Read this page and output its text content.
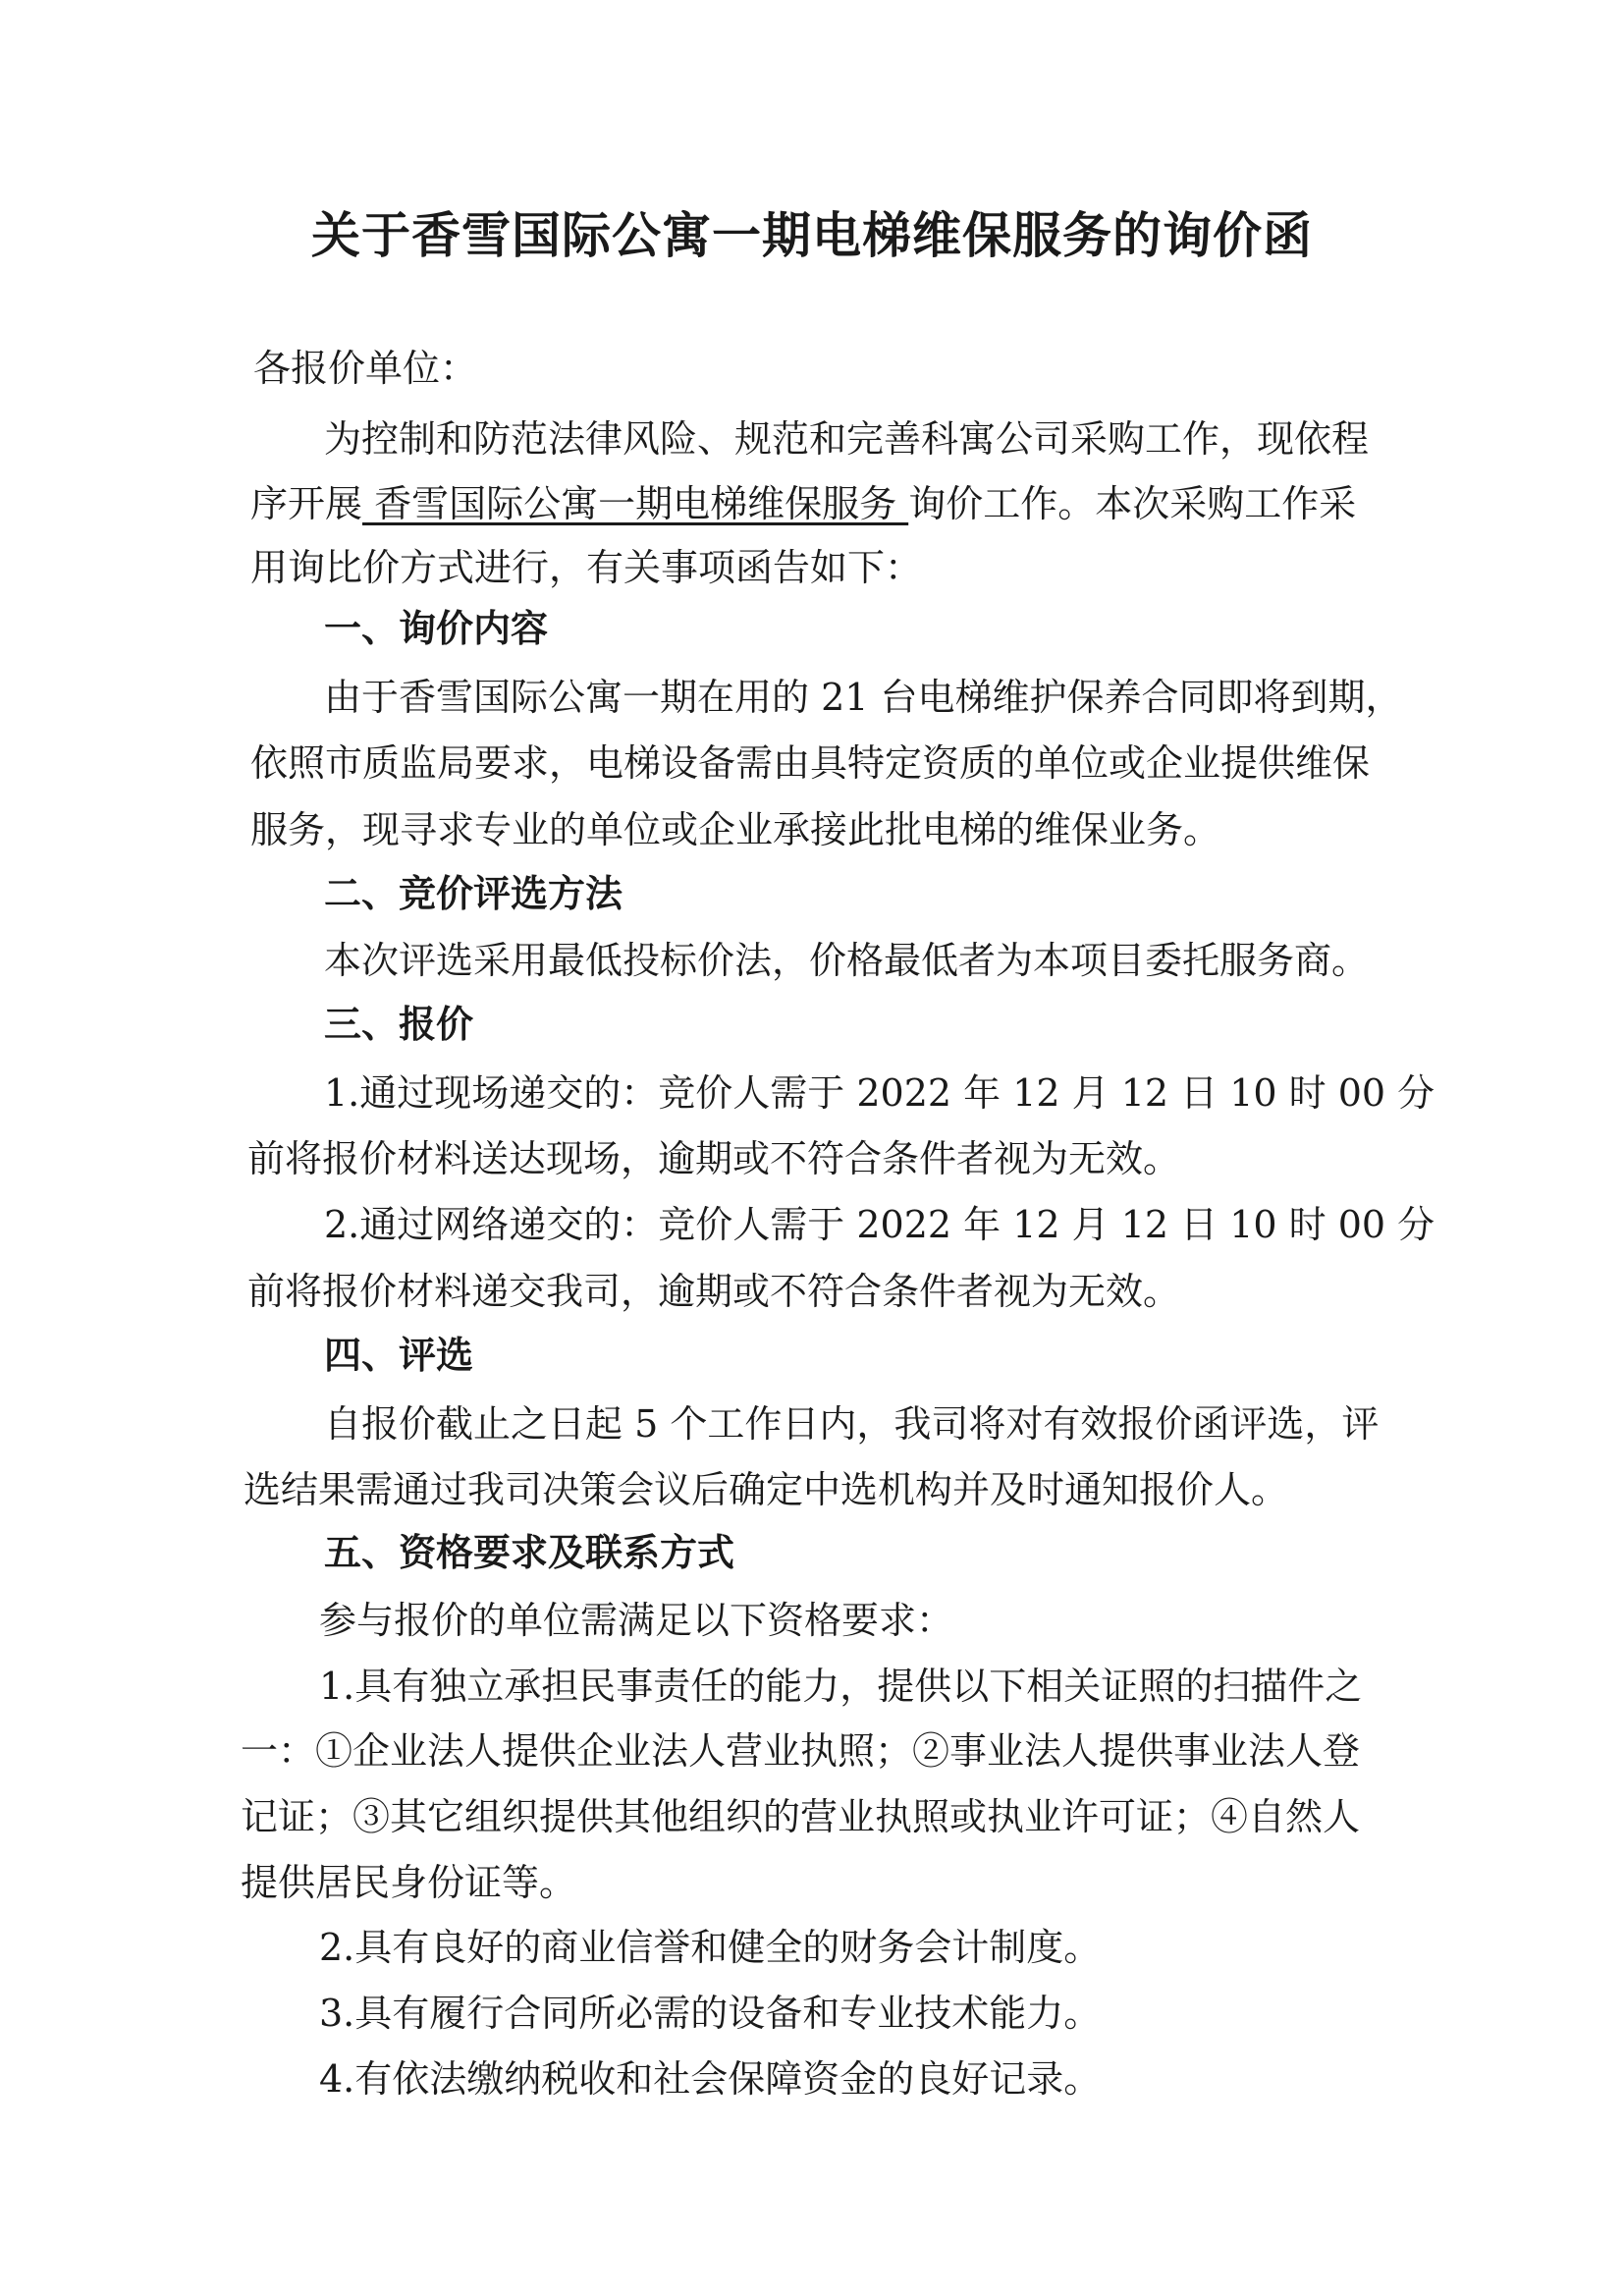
关于香雪国际公寓一期电梯维保服务的询价函
各报价单位：
为控制和防范法律风险、规范和完善科寓公司采购工作，现依程
序开展 香雪国际公寓一期电梯维保服务 询价工作。本次采购工作采
用询比价方式进行，有关事项函告如下：
一、询价内容
由于香雪国际公寓一期在用的 21 台电梯维护保养合同即将到期，
依照市质监局要求，电梯设备需由具特定资质的单位或企业提供维保
服务，现寻求专业的单位或企业承接此批电梯的维保业务。
二、竞价评选方法
本次评选采用最低投标价法，价格最低者为本项目委托服务商。
三、报价
1.通过现场递交的：竞价人需于 2022 年 12 月 12 日 10 时 00 分
前将报价材料送达现场，逾期或不符合条件者视为无效。
2.通过网络递交的：竞价人需于 2022 年 12 月 12 日 10 时 00 分
前将报价材料递交我司，逾期或不符合条件者视为无效。
四、评选
自报价截止之日起 5 个工作日内，我司将对有效报价函评选，评
选结果需通过我司决策会议后确定中选机构并及时通知报价人。
五、资格要求及联系方式
参与报价的单位需满足以下资格要求：
1.具有独立承担民事责任的能力，提供以下相关证照的扫描件之
一：①企业法人提供企业法人营业执照；②事业法人提供事业法人登
记证；③其它组织提供其他组织的营业执照或执业许可证；④自然人
提供居民身份证等。
2.具有良好的商业信誉和健全的财务会计制度。
3.具有履行合同所必需的设备和专业技术能力。
4.有依法缴纳税收和社会保障资金的良好记录。
